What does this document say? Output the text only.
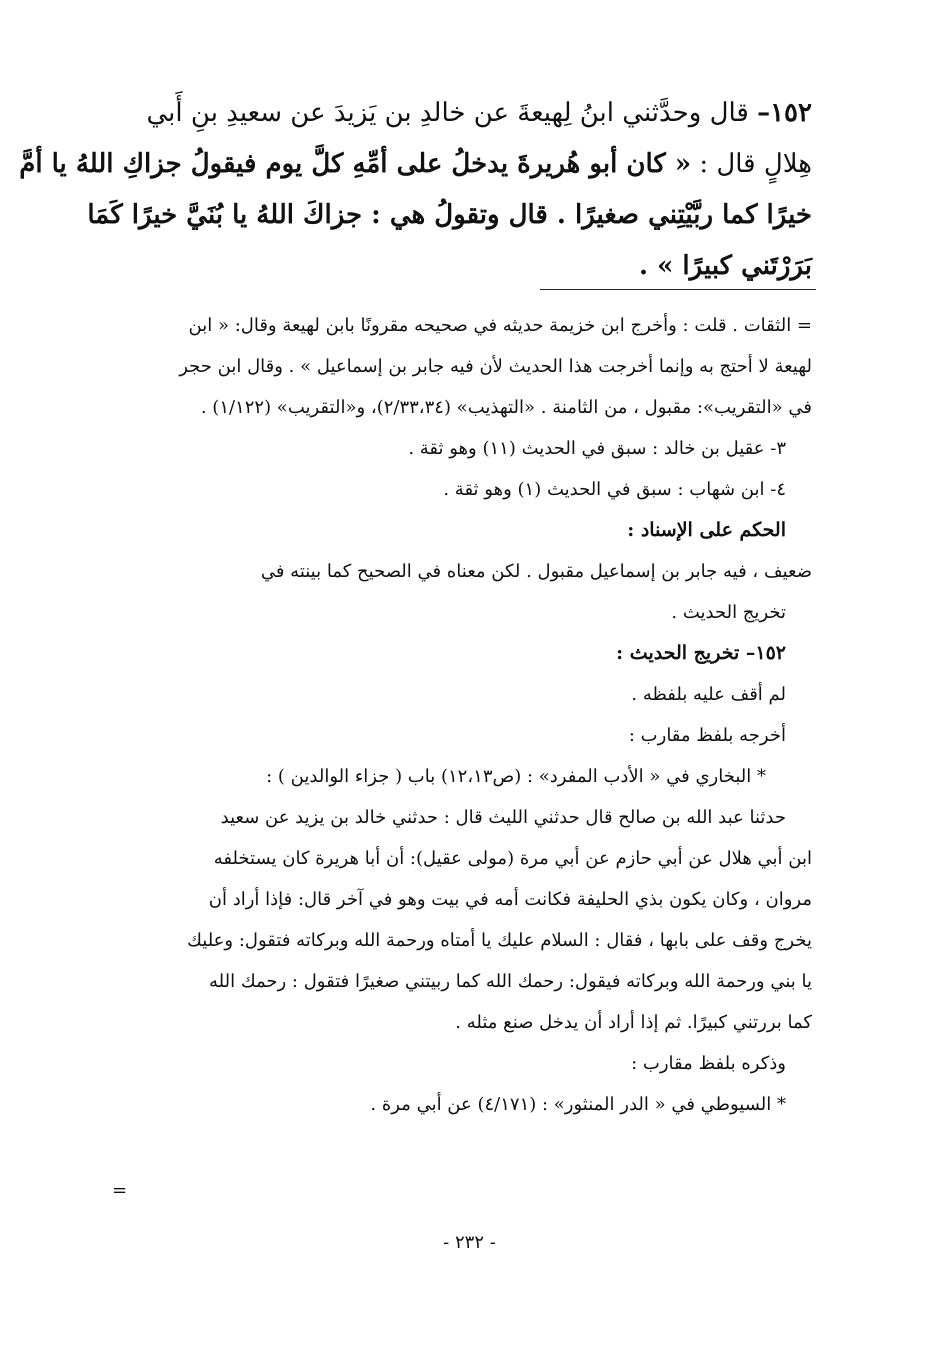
١٥٢– قال وحدَّثني ابنُ لِهيعةَ عن خالدِ بن يَزيدَ عن سعيدِ بنِ أَبي
هِلالٍ قال : « كان أبو هُريرةَ يدخلُ على أمِّهِ كلَّ يوم فيقولُ جزاكِ اللهُ يا أمَّ
خيرًا كما ربَّيْتِني صغيرًا . قال وتقولُ هي : جزاكَ اللهُ يا بُنَيَّ خيرًا كَمَا
بَرَرْتَني كبيرًا » .
= الثقات . قلت : وأخرج ابن خزيمة حديثه في صحيحه مقرونًا بابن لهيعة وقال: « ابن
لهيعة لا أحتج به وإنما أخرجت هذا الحديث لأن فيه جابر بن إسماعيل » . وقال ابن حجر
في «التقريب»: مقبول ، من الثامنة . «التهذيب» (٢/٣٣،٣٤)، و«التقريب» (١/١٢٢) .
٣- عقيل بن خالد : سبق في الحديث (١١) وهو ثقة .
٤- ابن شهاب : سبق في الحديث (١) وهو ثقة .
الحكم على الإسناد :
ضعيف ، فيه جابر بن إسماعيل مقبول . لكن معناه في الصحيح كما بينته في
تخريج الحديث .
١٥٢– تخريج الحديث :
لم أقف عليه بلفظه .
أخرجه بلفظ مقارب :
* البخاري في « الأدب المفرد» : (ص١٢،١٣) باب ( جزاء الوالدين ) :
حدثنا عبد الله بن صالح قال حدثني الليث قال : حدثني خالد بن يزيد عن سعيد
ابن أبي هلال عن أبي حازم عن أبي مرة (مولى عقيل): أن أبا هريرة كان يستخلفه
مروان ، وكان يكون بذي الحليفة فكانت أمه في بيت وهو في آخر قال: فإذا أراد أن
يخرج وقف على بابها ، فقال : السلام عليك يا أمتاه ورحمة الله وبركاته فتقول: وعليك
يا بني ورحمة الله وبركاته فيقول: رحمك الله كما ربيتني صغيرًا فتقول : رحمك الله
كما بررتني كبيرًا. ثم إذا أراد أن يدخل صنع مثله .
وذكره بلفظ مقارب :
* السيوطي في « الدر المنثور» : (٤/١٧١) عن أبي مرة .
=
- ٢٣٢ -
